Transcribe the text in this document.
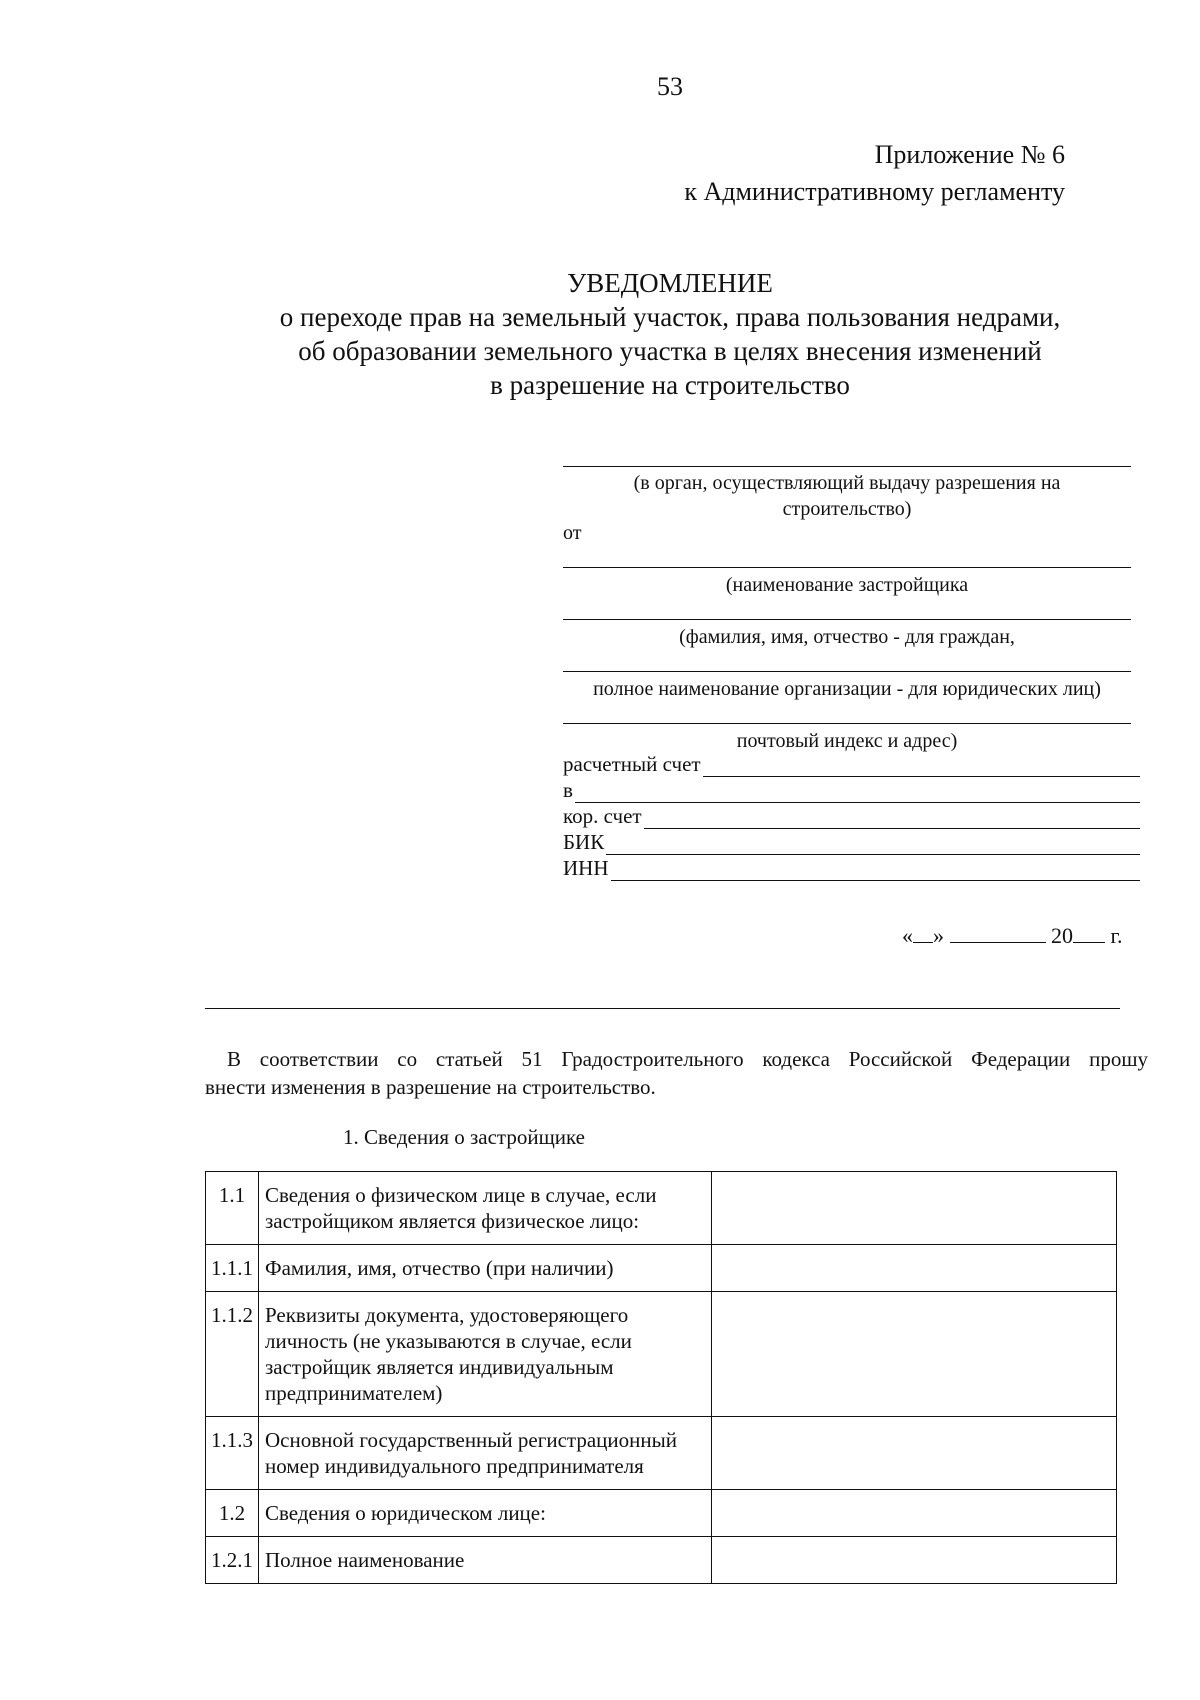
53
Приложение № 6
к Административному регламенту
УВЕДОМЛЕНИЕ
о переходе прав на земельный участок, права пользования недрами,
об образовании земельного участка в целях внесения изменений
в разрешение на строительство
(в орган, осуществляющий выдачу разрешения на
строительство)
от
(наименование застройщика
(фамилия, имя, отчество - для граждан,
полное наименование организации - для юридических лиц)
почтовый индекс и адрес)
расчетный счет
в
кор. счет
БИК
ИНН
« »	20 г.
В соответствии со статьей 51 Градостроительного кодекса Российской Федерации прошу
внести изменения в разрешение на строительство.
1. Сведения о застройщике
1.1	Сведения о физическом лице в случае, если застройщиком является физическое лицо:	
1.1.1	Фамилия, имя, отчество (при наличии)	
1.1.2	Реквизиты документа, удостоверяющего личность (не указываются в случае, если застройщик является индивидуальным предпринимателем)	
1.1.3	Основной государственный регистрационный номер индивидуального предпринимателя	
1.2	Сведения о юридическом лице:	
1.2.1	Полное наименование	
